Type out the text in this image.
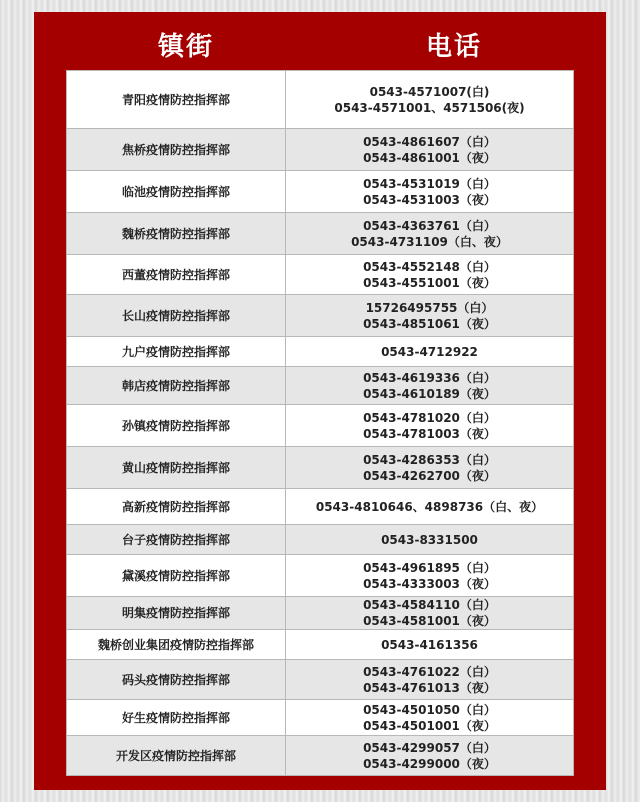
镇街	电话
青阳疫情防控指挥部	0543-4571007(白)
0543-4571001、4571506(夜)

焦桥疫情防控指挥部	0543-4861607（白）
0543-4861001（夜）

临池疫情防控指挥部	0543-4531019（白）
0543-4531003（夜）

魏桥疫情防控指挥部	0543-4363761（白）
0543-4731109（白、夜）

西董疫情防控指挥部	0543-4552148（白）
0543-4551001（夜）

长山疫情防控指挥部	15726495755（白）
0543-4851061（夜）

九户疫情防控指挥部	0543-4712922

韩店疫情防控指挥部	0543-4619336（白）
0543-4610189（夜）

孙镇疫情防控指挥部	0543-4781020（白）
0543-4781003（夜）

黄山疫情防控指挥部	0543-4286353（白）
0543-4262700（夜）

高新疫情防控指挥部	0543-4810646、4898736（白、夜）

台子疫情防控指挥部	0543-8331500

黛溪疫情防控指挥部	0543-4961895（白）
0543-4333003（夜）

明集疫情防控指挥部	0543-4584110（白）
0543-4581001（夜）

魏桥创业集团疫情防控指挥部	0543-4161356

码头疫情防控指挥部	0543-4761022（白）
0543-4761013（夜）

好生疫情防控指挥部	0543-4501050（白）
0543-4501001（夜）

开发区疫情防控指挥部	0543-4299057（白）
0543-4299000（夜）
